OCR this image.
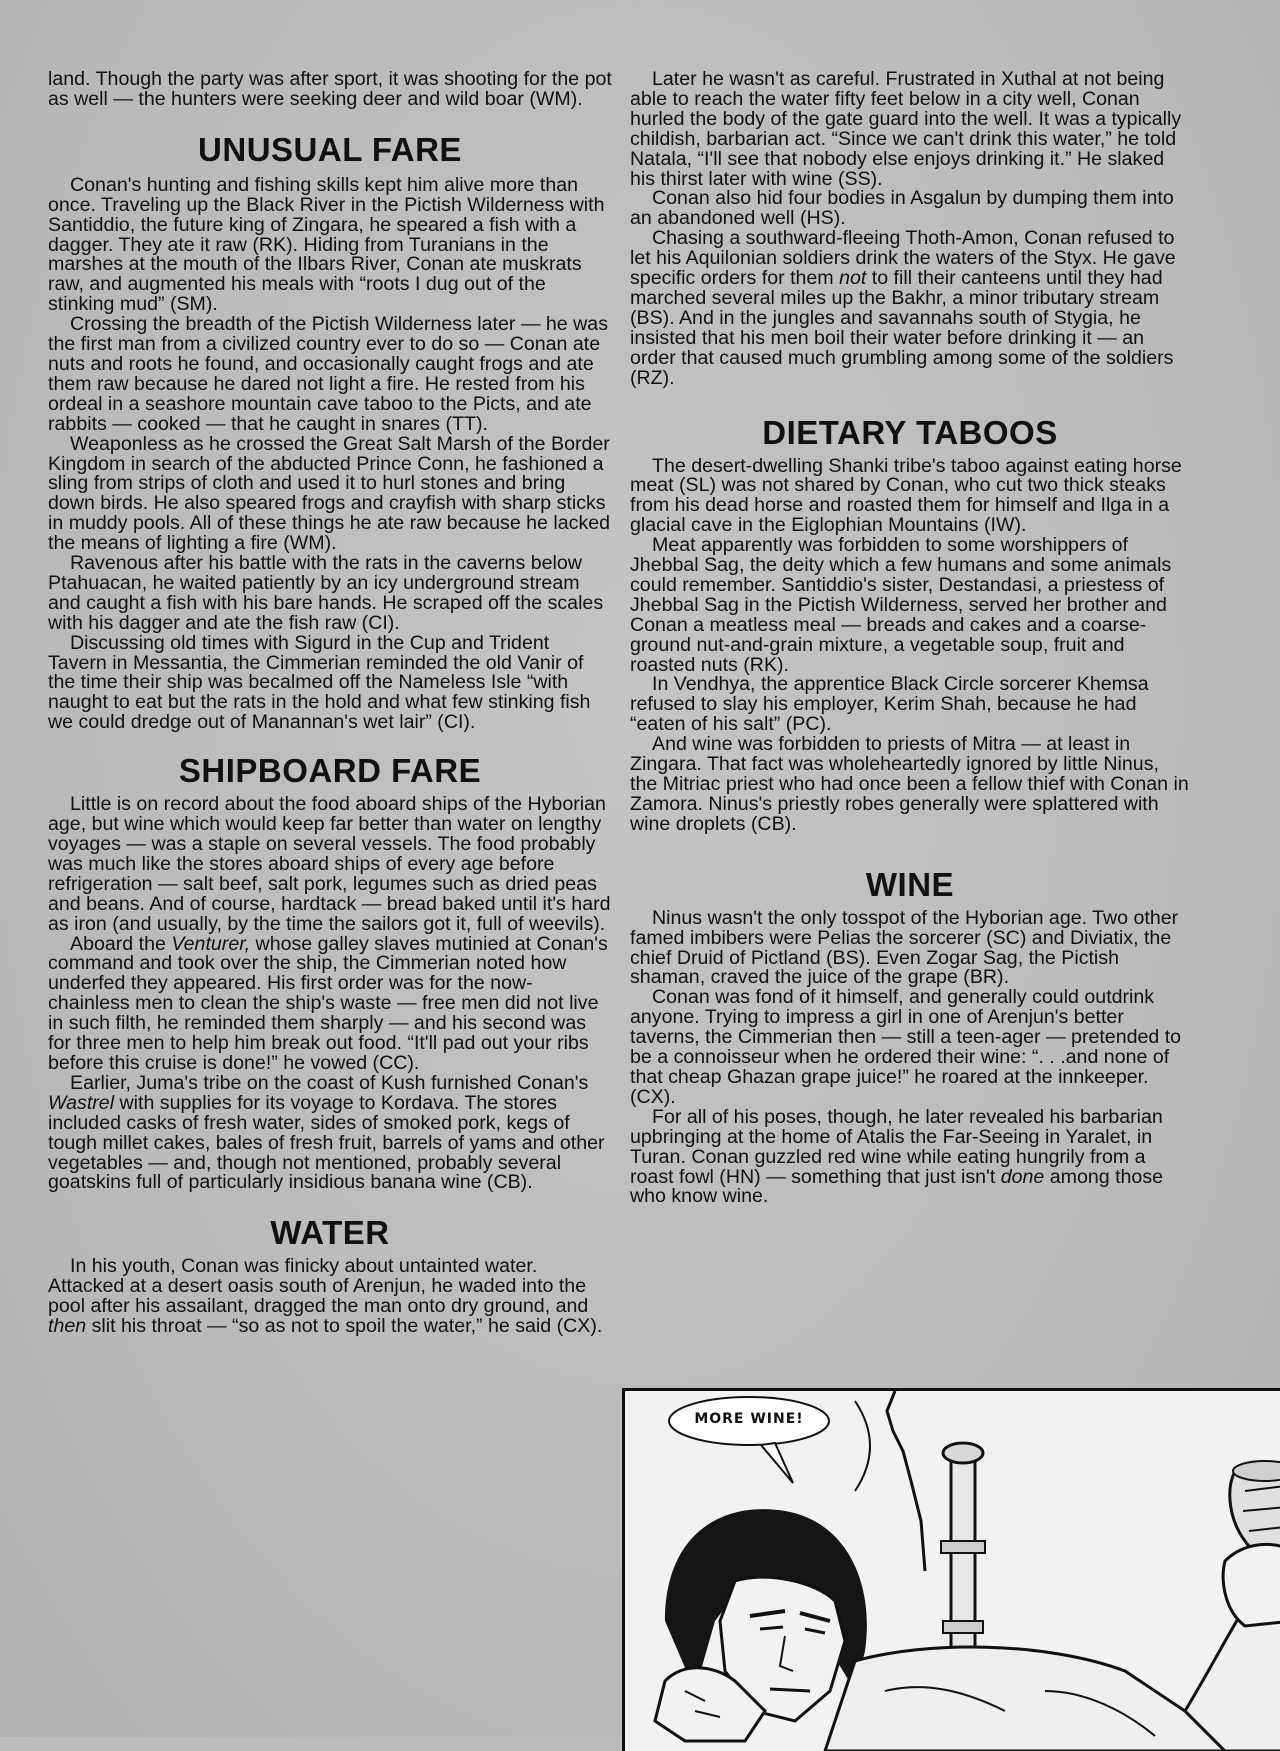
land. Though the party was after sport, it was shooting for the pot as well — the hunters were seeking deer and wild boar (WM).

UNUSUAL FARE

Conan's hunting and fishing skills kept him alive more than once. Traveling up the Black River in the Pictish Wilderness with Santiddio, the future king of Zingara, he speared a fish with a dagger. They ate it raw (RK). Hiding from Turanians in the marshes at the mouth of the Ilbars River, Conan ate muskrats raw, and augmented his meals with “roots I dug out of the stinking mud” (SM).

Crossing the breadth of the Pictish Wilderness later — he was the first man from a civilized country ever to do so — Conan ate nuts and roots he found, and occasionally caught frogs and ate them raw because he dared not light a fire. He rested from his ordeal in a seashore mountain cave taboo to the Picts, and ate rabbits — cooked — that he caught in snares (TT).

Weaponless as he crossed the Great Salt Marsh of the Border Kingdom in search of the abducted Prince Conn, he fashioned a sling from strips of cloth and used it to hurl stones and bring down birds. He also speared frogs and crayfish with sharp sticks in muddy pools. All of these things he ate raw because he lacked the means of lighting a fire (WM).

Ravenous after his battle with the rats in the caverns below Ptahuacan, he waited patiently by an icy underground stream and caught a fish with his bare hands. He scraped off the scales with his dagger and ate the fish raw (CI).

Discussing old times with Sigurd in the Cup and Trident Tavern in Messantia, the Cimmerian reminded the old Vanir of the time their ship was becalmed off the Nameless Isle “with naught to eat but the rats in the hold and what few stinking fish we could dredge out of Manannan's wet lair” (CI).

SHIPBOARD FARE

Little is on record about the food aboard ships of the Hyborian age, but wine which would keep far better than water on lengthy voyages — was a staple on several vessels. The food probably was much like the stores aboard ships of every age before refrigeration — salt beef, salt pork, legumes such as dried peas and beans. And of course, hardtack — bread baked until it's hard as iron (and usually, by the time the sailors got it, full of weevils).

Aboard the Venturer, whose galley slaves mutinied at Conan's command and took over the ship, the Cimmerian noted how underfed they appeared. His first order was for the now-chainless men to clean the ship's waste — free men did not live in such filth, he reminded them sharply — and his second was for three men to help him break out food. “It'll pad out your ribs before this cruise is done!” he vowed (CC).

Earlier, Juma's tribe on the coast of Kush furnished Conan's Wastrel with supplies for its voyage to Kordava. The stores included casks of fresh water, sides of smoked pork, kegs of tough millet cakes, bales of fresh fruit, barrels of yams and other vegetables — and, though not mentioned, probably several goatskins full of particularly insidious banana wine (CB).

WATER

In his youth, Conan was finicky about untainted water. Attacked at a desert oasis south of Arenjun, he waded into the pool after his assailant, dragged the man onto dry ground, and then slit his throat — “so as not to spoil the water,” he said (CX).

Later he wasn't as careful. Frustrated in Xuthal at not being able to reach the water fifty feet below in a city well, Conan hurled the body of the gate guard into the well. It was a typically childish, barbarian act. “Since we can't drink this water,” he told Natala, “I'll see that nobody else enjoys drinking it.” He slaked his thirst later with wine (SS).

Conan also hid four bodies in Asgalun by dumping them into an abandoned well (HS).

Chasing a southward-fleeing Thoth-Amon, Conan refused to let his Aquilonian soldiers drink the waters of the Styx. He gave specific orders for them not to fill their canteens until they had marched several miles up the Bakhr, a minor tributary stream (BS). And in the jungles and savannahs south of Stygia, he insisted that his men boil their water before drinking it — an order that caused much grumbling among some of the soldiers (RZ).

DIETARY TABOOS

The desert-dwelling Shanki tribe's taboo against eating horse meat (SL) was not shared by Conan, who cut two thick steaks from his dead horse and roasted them for himself and Ilga in a glacial cave in the Eiglophian Mountains (IW).

Meat apparently was forbidden to some worshippers of Jhebbal Sag, the deity which a few humans and some animals could remember. Santiddio's sister, Destandasi, a priestess of Jhebbal Sag in the Pictish Wilderness, served her brother and Conan a meatless meal — breads and cakes and a coarse-ground nut-and-grain mixture, a vegetable soup, fruit and roasted nuts (RK).

In Vendhya, the apprentice Black Circle sorcerer Khemsa refused to slay his employer, Kerim Shah, because he had “eaten of his salt” (PC).

And wine was forbidden to priests of Mitra — at least in Zingara. That fact was wholeheartedly ignored by little Ninus, the Mitriac priest who had once been a fellow thief with Conan in Zamora. Ninus's priestly robes generally were splattered with wine droplets (CB).

WINE

Ninus wasn't the only tosspot of the Hyborian age. Two other famed imbibers were Pelias the sorcerer (SC) and Diviatix, the chief Druid of Pictland (BS). Even Zogar Sag, the Pictish shaman, craved the juice of the grape (BR).

Conan was fond of it himself, and generally could outdrink anyone. Trying to impress a girl in one of Arenjun's better taverns, the Cimmerian then — still a teen-ager — pretended to be a connoisseur when he ordered their wine: “. . .and none of that cheap Ghazan grape juice!” he roared at the innkeeper. (CX).

For all of his poses, though, he later revealed his barbarian upbringing at the home of Atalis the Far-Seeing in Yaralet, in Turan. Conan guzzled red wine while eating hungrily from a roast fowl (HN) — something that just isn't done among those who know wine.

MORE WINE!
